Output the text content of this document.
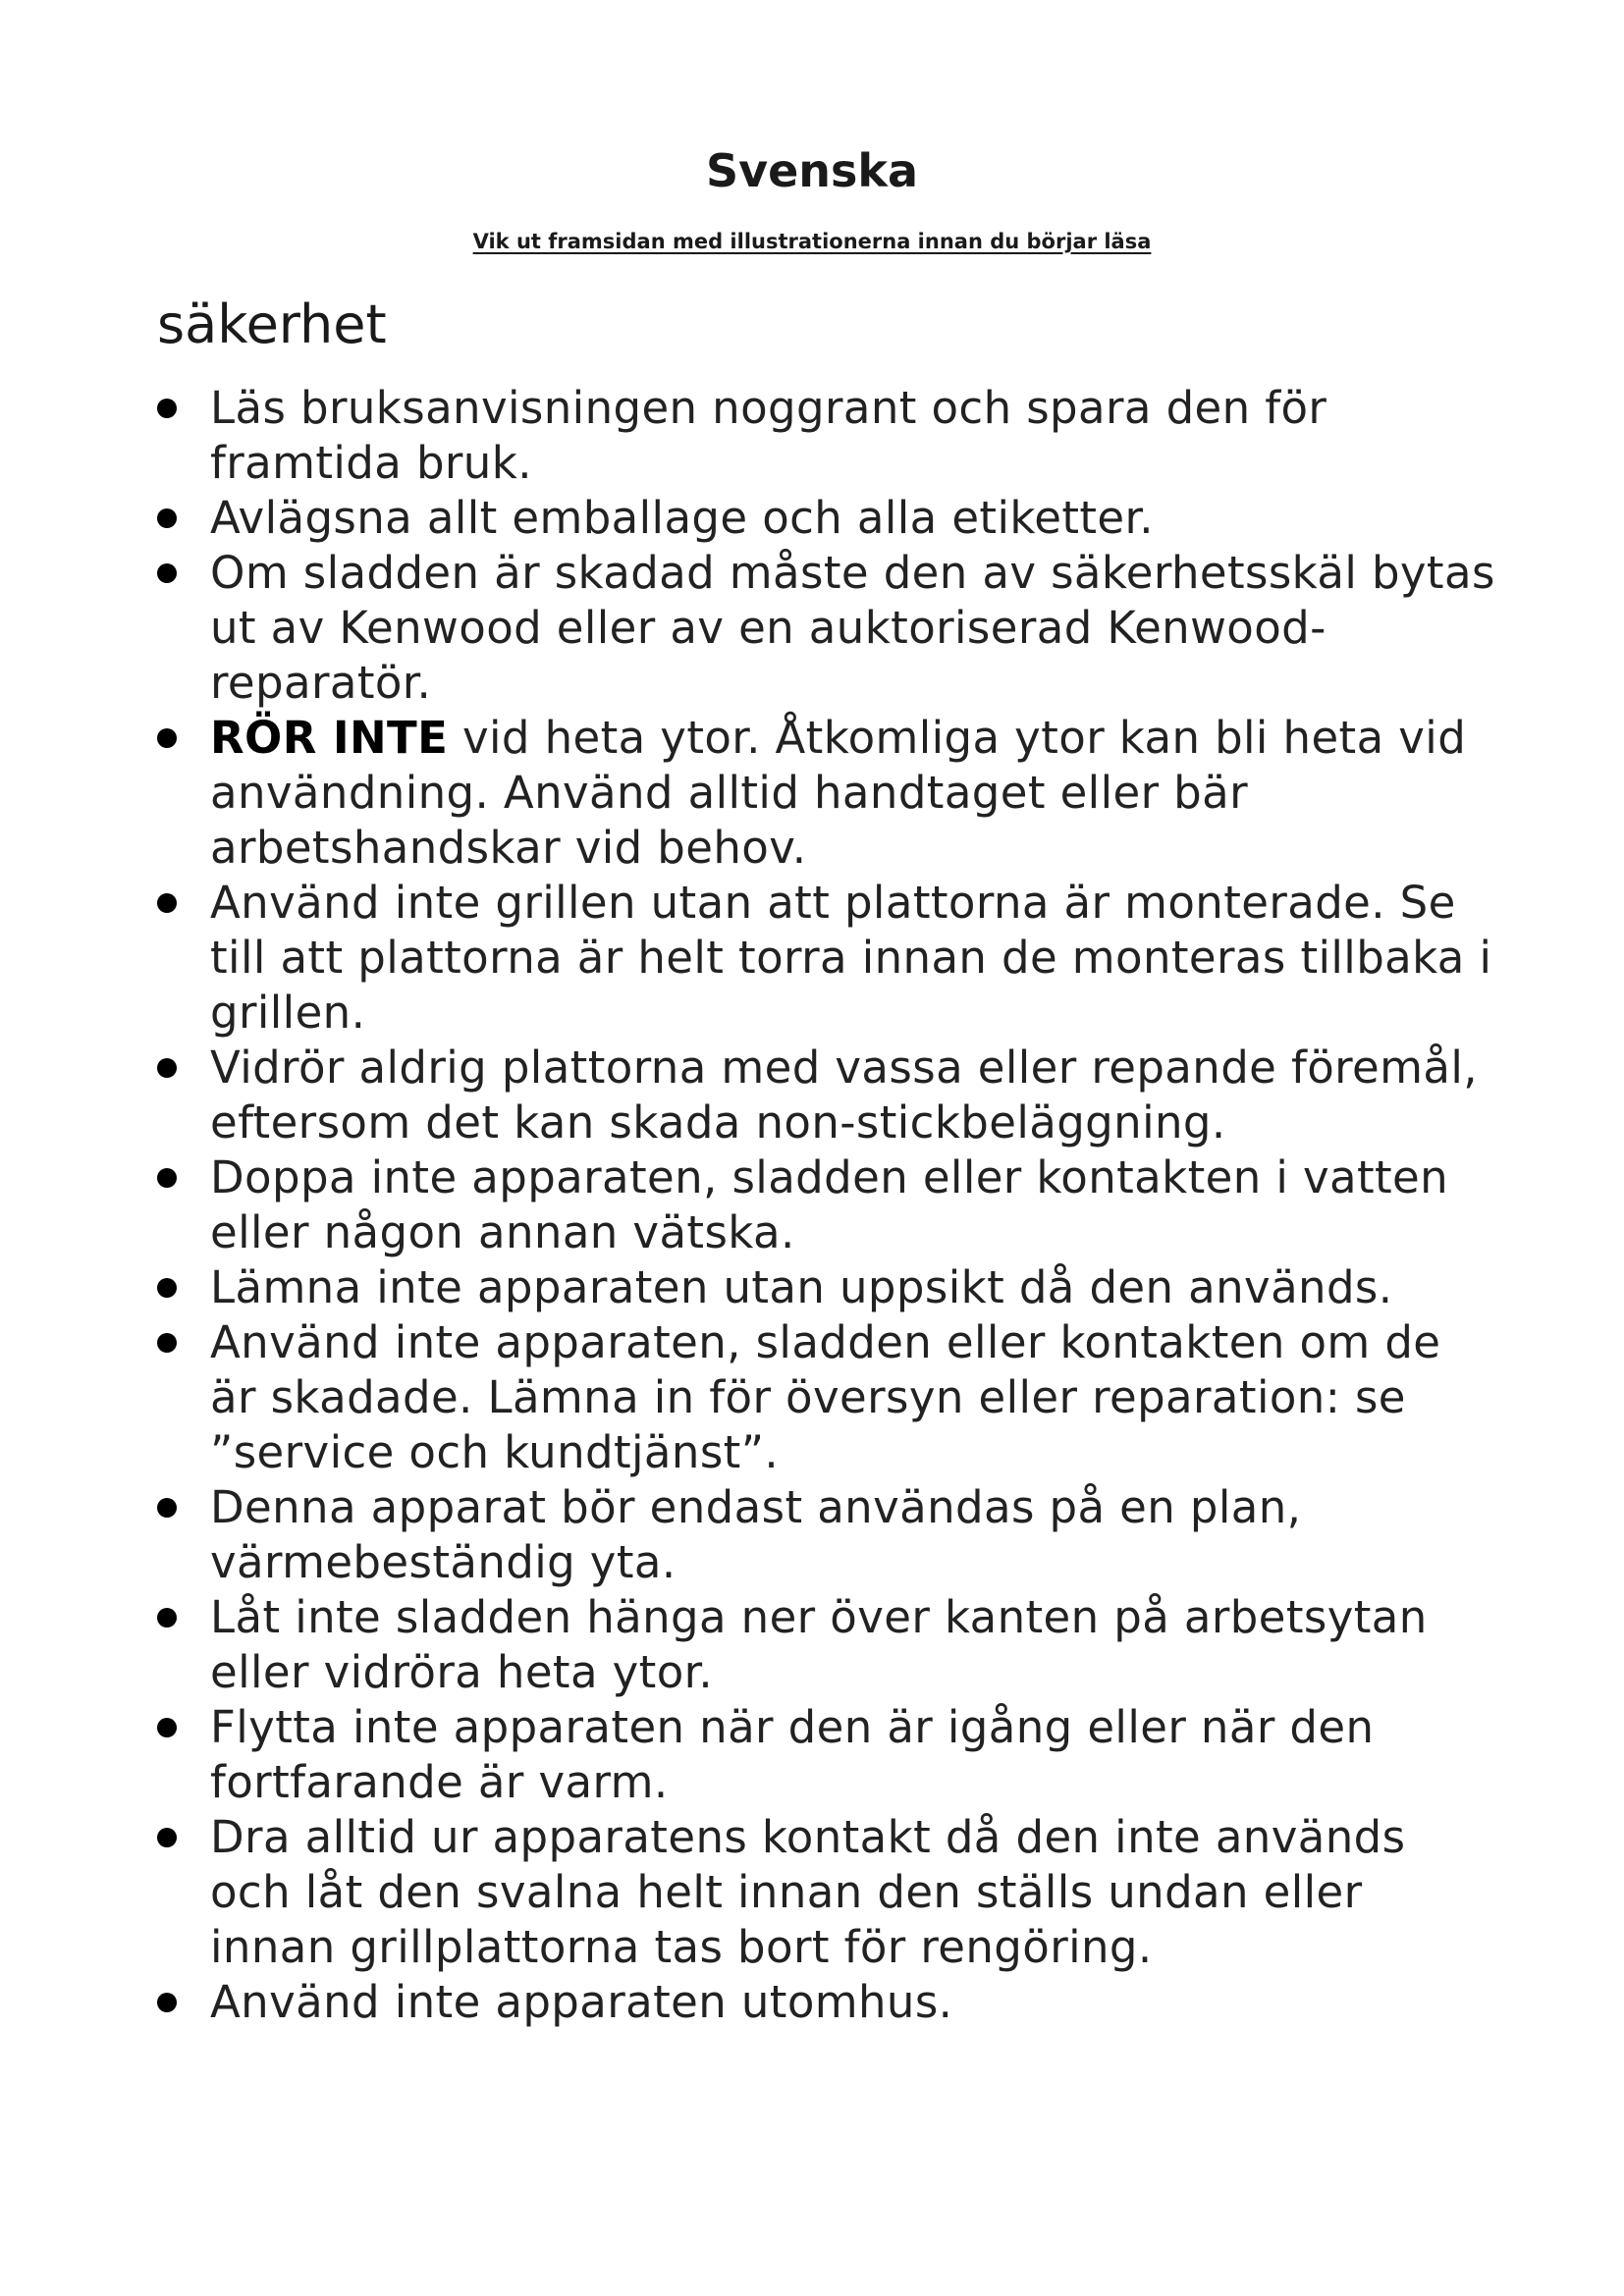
Svenska
Vik ut framsidan med illustrationerna innan du börjar läsa
säkerhet
Läs bruksanvisningen noggrant och spara den för framtida bruk.
Avlägsna allt emballage och alla etiketter.
Om sladden är skadad måste den av säkerhetsskäl bytas ut av Kenwood eller av en auktoriserad Kenwood-reparatör.
RÖR INTE vid heta ytor. Åtkomliga ytor kan bli heta vid användning. Använd alltid handtaget eller bär arbetshandskar vid behov.
Använd inte grillen utan att plattorna är monterade. Se till att plattorna är helt torra innan de monteras tillbaka i grillen.
Vidrör aldrig plattorna med vassa eller repande föremål, eftersom det kan skada non-stickbeläggning.
Doppa inte apparaten, sladden eller kontakten i vatten eller någon annan vätska.
Lämna inte apparaten utan uppsikt då den används.
Använd inte apparaten, sladden eller kontakten om de är skadade. Lämna in för översyn eller reparation: se ”service och kundtjänst”.
Denna apparat bör endast användas på en plan, värmebeständig yta.
Låt inte sladden hänga ner över kanten på arbetsytan eller vidröra heta ytor.
Flytta inte apparaten när den är igång eller när den fortfarande är varm.
Dra alltid ur apparatens kontakt då den inte används och låt den svalna helt innan den ställs undan eller innan grillplattorna tas bort för rengöring.
Använd inte apparaten utomhus.
